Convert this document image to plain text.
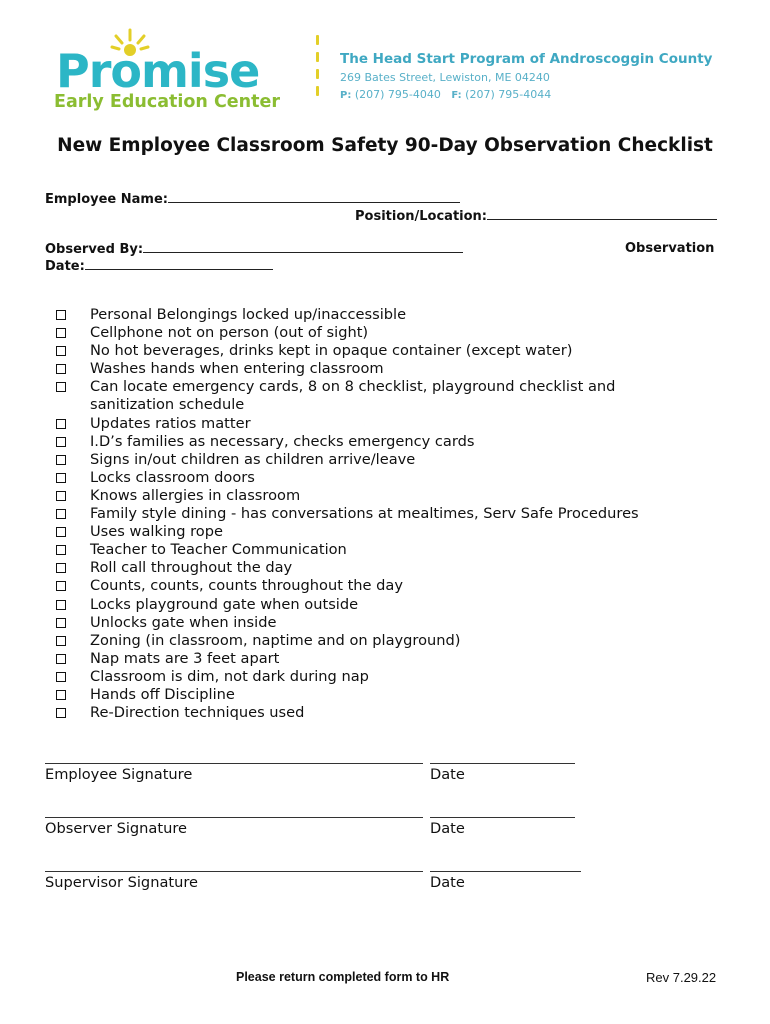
Promise
Early Education Center
The Head Start Program of Androscoggin County
269 Bates Street, Lewiston, ME 04240
P: (207) 795-4040 F: (207) 795-4044
New Employee Classroom Safety 90-Day Observation Checklist
Employee Name:
Position/Location:
Observed By:	Observation
Date:
Personal Belongings locked up/inaccessible
Cellphone not on person (out of sight)
No hot beverages, drinks kept in opaque container (except water)
Washes hands when entering classroom
Can locate emergency cards, 8 on 8 checklist, playground checklist and sanitization schedule
Updates ratios matter
I.D’s families as necessary, checks emergency cards
Signs in/out children as children arrive/leave
Locks classroom doors
Knows allergies in classroom
Family style dining - has conversations at mealtimes, Serv Safe Procedures
Uses walking rope
Teacher to Teacher Communication
Roll call throughout the day
Counts, counts, counts throughout the day
Locks playground gate when outside
Unlocks gate when inside
Zoning (in classroom, naptime and on playground)
Nap mats are 3 feet apart
Classroom is dim, not dark during nap
Hands off Discipline
Re-Direction techniques used
Employee Signature	Date
Observer Signature	Date
Supervisor Signature	Date
Please return completed form to HR	Rev 7.29.22
